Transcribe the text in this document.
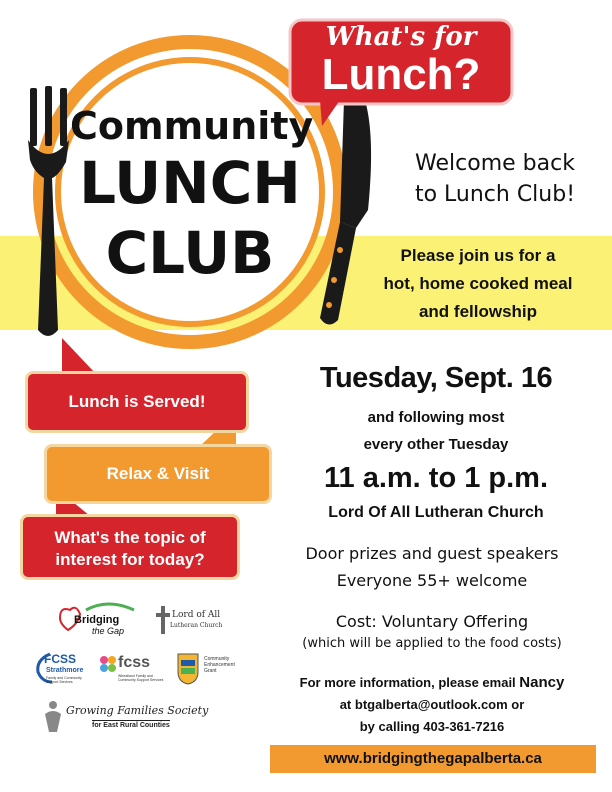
What's for
Lunch?
Community
LUNCH
CLUB
Welcome back
to Lunch Club!
Please join us for a
hot, home cooked meal
and fellowship
Lunch is Served!
Relax & Visit
What's the topic of
interest for today?
Tuesday, Sept. 16
and following most
every other Tuesday
11 a.m. to 1 p.m.
Lord Of All Lutheran Church
Door prizes and guest speakers
Everyone 55+ welcome
Cost: Voluntary Offering
(which will be applied to the food costs)
For more information, please email Nancy
at btgalberta@outlook.com or
by calling 403-361-7216
www.bridgingthegapalberta.ca
Bridging
the Gap
Lord of All
Lutheran Church
FCSS
Strathmore
Family and Community Support Services
fcss
Wheatland Family and Community Support Services
Community
Enhancement
Grant
Growing Families Society
for East Rural Counties
